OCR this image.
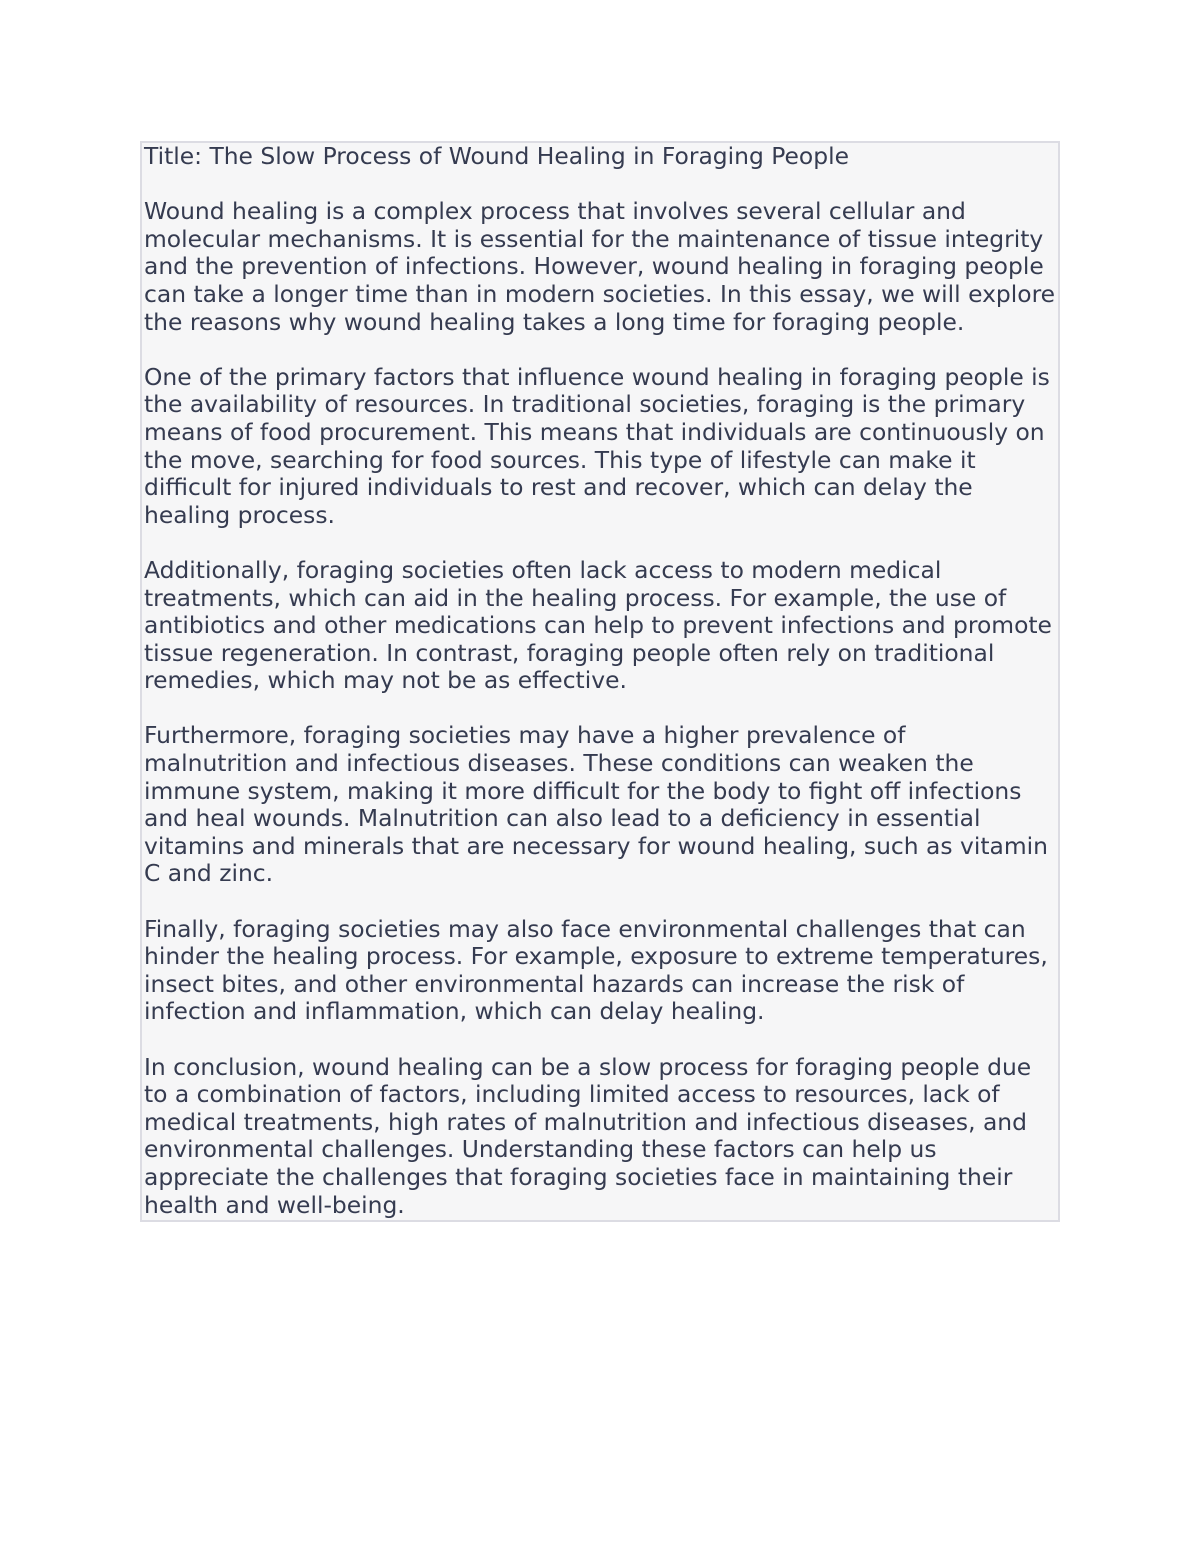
Title: The Slow Process of Wound Healing in Foraging People
Wound healing is a complex process that involves several cellular and
molecular mechanisms. It is essential for the maintenance of tissue integrity
and the prevention of infections. However, wound healing in foraging people
can take a longer time than in modern societies. In this essay, we will explore
the reasons why wound healing takes a long time for foraging people.
One of the primary factors that influence wound healing in foraging people is
the availability of resources. In traditional societies, foraging is the primary
means of food procurement. This means that individuals are continuously on
the move, searching for food sources. This type of lifestyle can make it
difficult for injured individuals to rest and recover, which can delay the
healing process.
Additionally, foraging societies often lack access to modern medical
treatments, which can aid in the healing process. For example, the use of
antibiotics and other medications can help to prevent infections and promote
tissue regeneration. In contrast, foraging people often rely on traditional
remedies, which may not be as effective.
Furthermore, foraging societies may have a higher prevalence of
malnutrition and infectious diseases. These conditions can weaken the
immune system, making it more difficult for the body to fight off infections
and heal wounds. Malnutrition can also lead to a deficiency in essential
vitamins and minerals that are necessary for wound healing, such as vitamin
C and zinc.
Finally, foraging societies may also face environmental challenges that can
hinder the healing process. For example, exposure to extreme temperatures,
insect bites, and other environmental hazards can increase the risk of
infection and inflammation, which can delay healing.
In conclusion, wound healing can be a slow process for foraging people due
to a combination of factors, including limited access to resources, lack of
medical treatments, high rates of malnutrition and infectious diseases, and
environmental challenges. Understanding these factors can help us
appreciate the challenges that foraging societies face in maintaining their
health and well-being.
